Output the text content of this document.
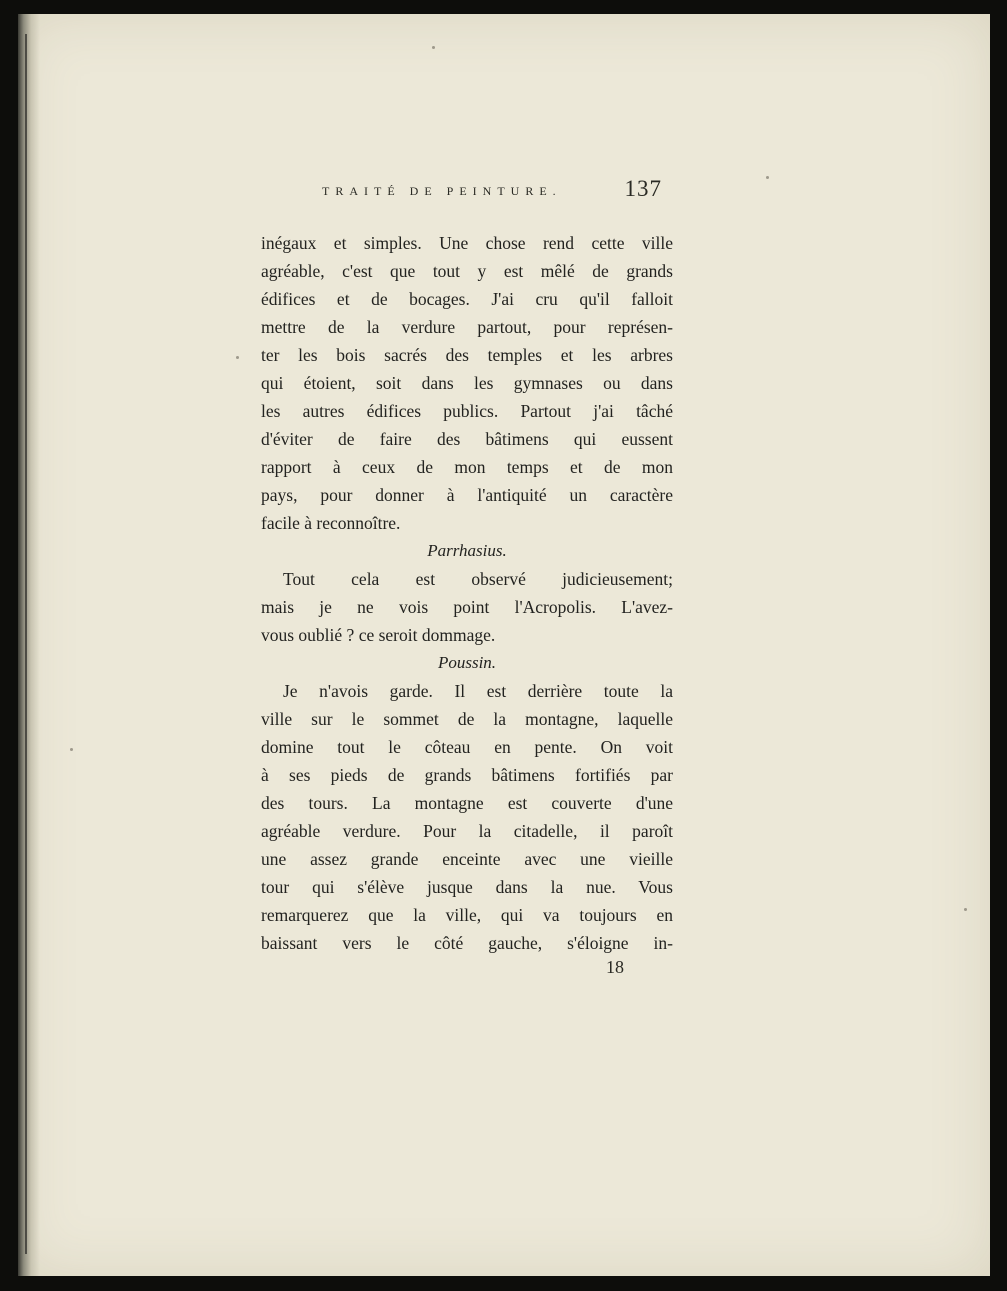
TRAITÉ DE PEINTURE.	137
inégaux et simples. Une chose rend cette ville
agréable, c'est que tout y est mêlé de grands
édifices et de bocages. J'ai cru qu'il falloit
mettre de la verdure partout, pour représen-
ter les bois sacrés des temples et les arbres
qui étoient, soit dans les gymnases ou dans
les autres édifices publics. Partout j'ai tâché
d'éviter de faire des bâtimens qui eussent
rapport à ceux de mon temps et de mon
pays, pour donner à l'antiquité un caractère
facile à reconnoître.
Parrhasius.
Tout cela est observé judicieusement;
mais je ne vois point l'Acropolis. L'avez-
vous oublié ? ce seroit dommage.
Poussin.
Je n'avois garde. Il est derrière toute la
ville sur le sommet de la montagne, laquelle
domine tout le côteau en pente. On voit
à ses pieds de grands bâtimens fortifiés par
des tours. La montagne est couverte d'une
agréable verdure. Pour la citadelle, il paroît
une assez grande enceinte avec une vieille
tour qui s'élève jusque dans la nue. Vous
remarquerez que la ville, qui va toujours en
baissant vers le côté gauche, s'éloigne in-
18
